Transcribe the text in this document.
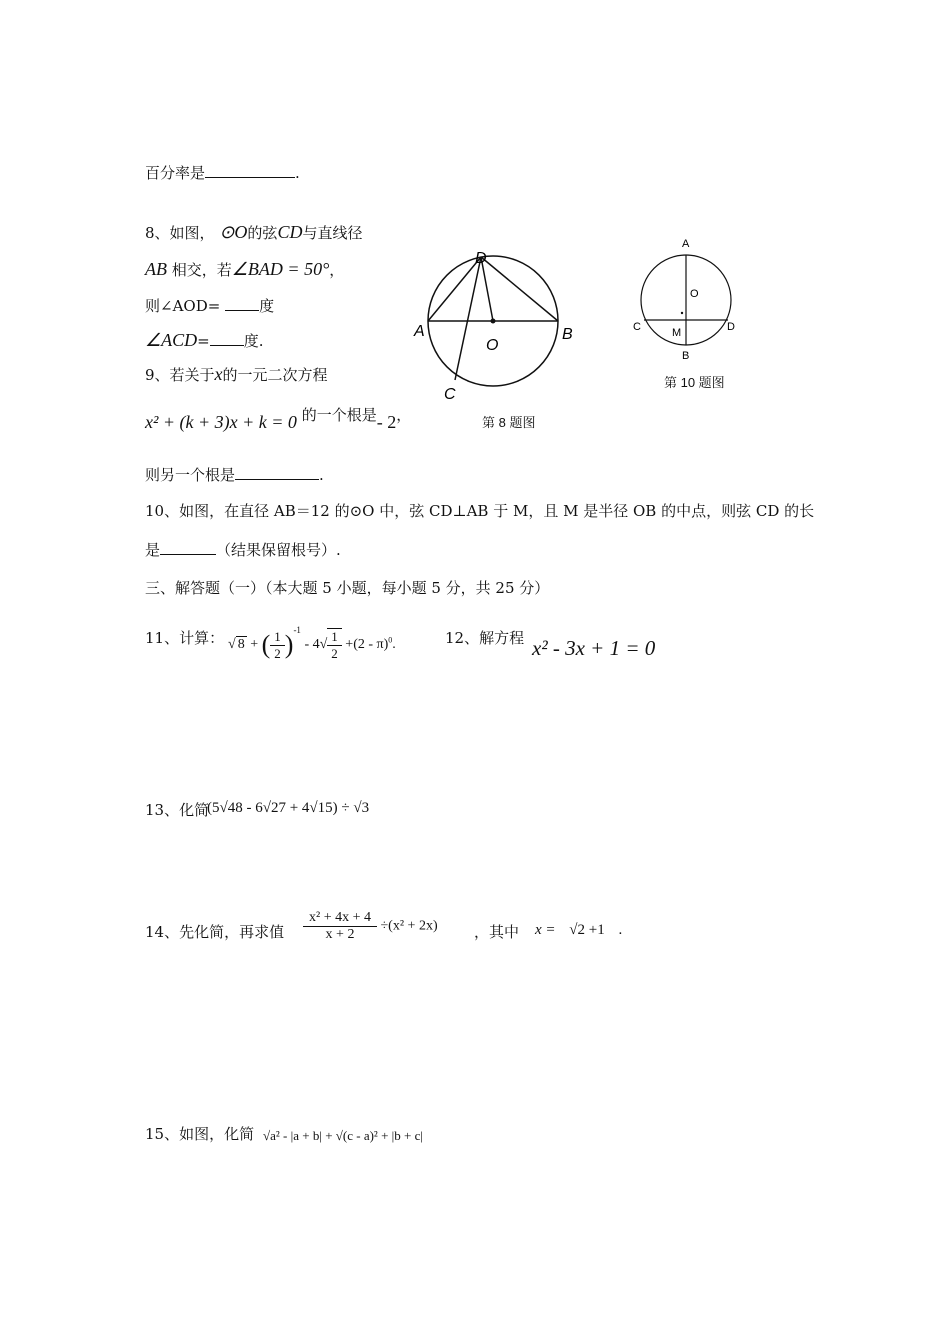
百分率是	.
8、如图， ⊙O的弦CD与直线径
AB 相交，若∠BAD = 50°，
则∠AOD=	度
∠ACD= 度.
9、若关于x的一元二次方程
x² + (k + 3)x + k = 0 的一个根是- 2，
则另一个根是	.
D
A	B
O
C
第 8 题图
A
O
C	M	D
B
第 10 题图
10、如图，在直径 AB＝12 的⊙O 中，弦 CD⊥AB 于 M，且 M 是半径 OB 的中点，则弦 CD 的长
是	（结果保留根号）.
三、解答题（一）（本大题 5 小题，每小题 5 分，共 25 分）
11、计算： √ 8 + ( $\frac{1}{2} )^{-1} - 4√ \frac{1}{2} +(2 - \pi)^0$.	12、解方程 x² - 3x + 1 = 0
13、化简
(5√48 - 6√27 + 4√15) ÷ √3
14、先化简，再求值 $\frac{\text{x² + 4x + 4}}{x + 2} \div(x^2 + 2x)$ ，其中 x = √2 +1 .
15、如图，化简 √a² - |a + b| + √(c - a)² + |b + c|
